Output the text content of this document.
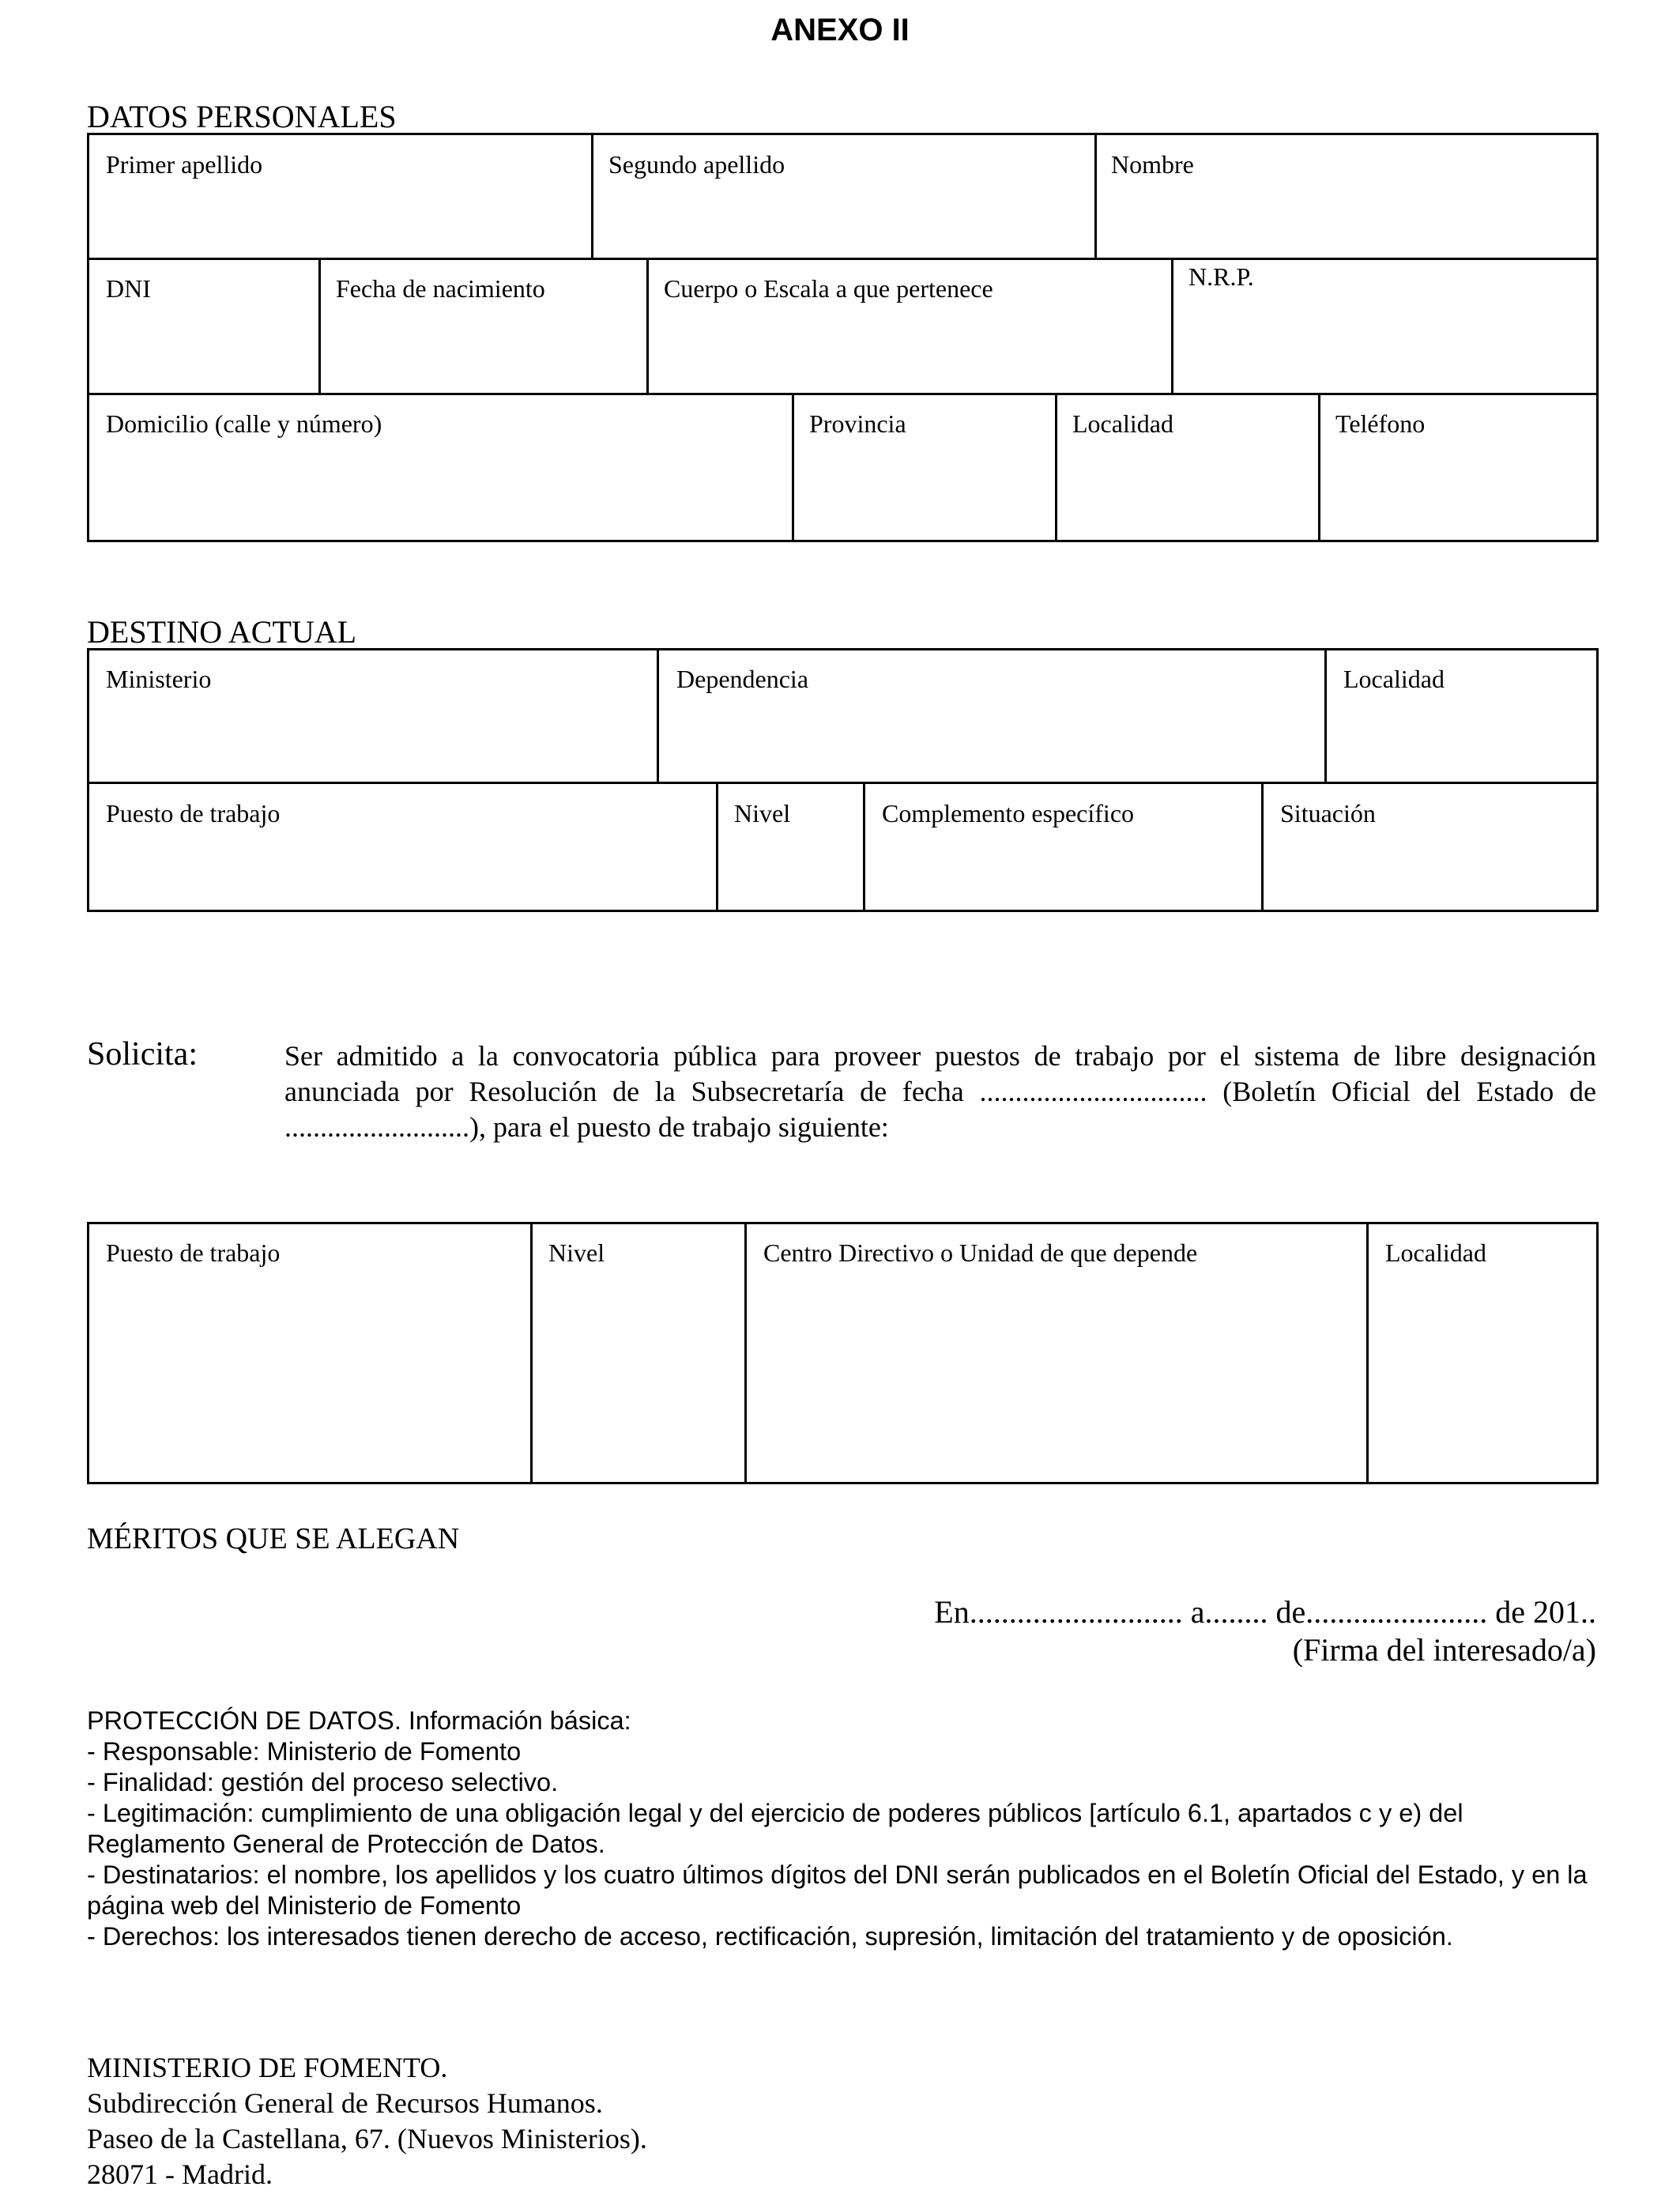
ANEXO II
DATOS PERSONALES
Primer apellido	Segundo apellido	Nombre
DNI	Fecha de nacimiento	Cuerpo o Escala a que pertenece	N.R.P.
Domicilio (calle y número)	Provincia	Localidad	Teléfono
DESTINO ACTUAL
Ministerio	Dependencia	Localidad
Puesto de trabajo	Nivel	Complemento específico	Situación
Solicita:	Ser admitido a la convocatoria pública para proveer puestos de trabajo por el sistema de libre designación anunciada por Resolución de la Subsecretaría de fecha ................................ (Boletín Oficial del Estado de ..........................), para el puesto de trabajo siguiente:
Puesto de trabajo	Nivel	Centro Directivo o Unidad de que depende	Localidad
MÉRITOS QUE SE ALEGAN
En........................... a........ de....................... de 201..
(Firma del interesado/a)
PROTECCIÓN DE DATOS. Información básica:
- Responsable: Ministerio de Fomento
- Finalidad: gestión del proceso selectivo.
- Legitimación: cumplimiento de una obligación legal y del ejercicio de poderes públicos [artículo 6.1, apartados c y e) del Reglamento General de Protección de Datos.
- Destinatarios: el nombre, los apellidos y los cuatro últimos dígitos del DNI serán publicados en el Boletín Oficial del Estado, y en la página web del Ministerio de Fomento
- Derechos: los interesados tienen derecho de acceso, rectificación, supresión, limitación del tratamiento y de oposición.
MINISTERIO DE FOMENTO.
Subdirección General de Recursos Humanos.
Paseo de la Castellana, 67. (Nuevos Ministerios).
28071 - Madrid.
